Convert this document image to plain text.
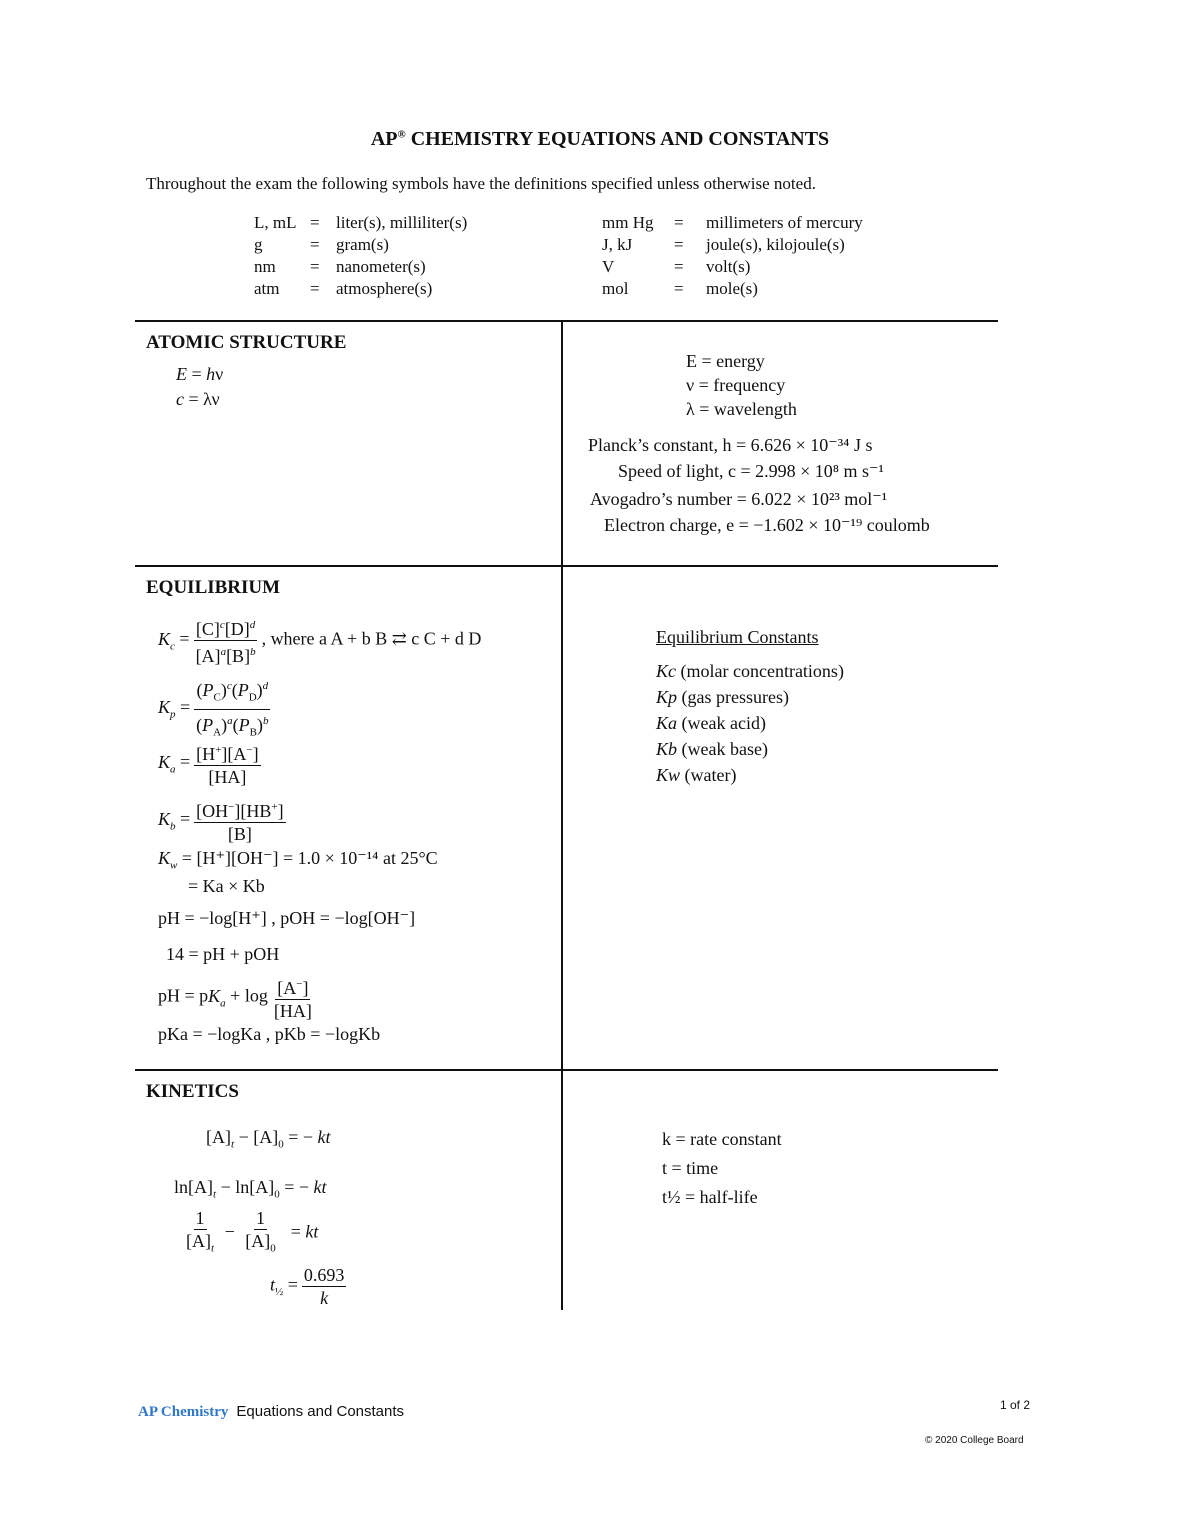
AP® CHEMISTRY EQUATIONS AND CONSTANTS
Throughout the exam the following symbols have the definitions specified unless otherwise noted.
L, mL = liter(s), milliliter(s)
g	= gram(s)
nm = nanometer(s)
atm = atmosphere(s)
mm Hg = millimeters of mercury
J, kJ = joule(s), kilojoule(s)
V	= volt(s)
mol	= mole(s)
ATOMIC STRUCTURE
E = hν
c = λν
E = energy
ν = frequency
λ = wavelength
Planck’s constant, h = 6.626 × 10⁻³⁴ J s
Speed of light, c = 2.998 × 10⁸ m s⁻¹
Avogadro’s number = 6.022 × 10²³ mol⁻¹
Electron charge, e = −1.602 × 10⁻¹⁹ coulomb
EQUILIBRIUM
$K_c = \frac{[C]^c[D]^d}{[A]^a[B]^b}$ , where a A + b B ⇄ c C + d D
$K_p = \frac{(P_C)^c(P_D)^d}{(P_A)^a(P_B)^b}$
$K_a = \frac{[H^+][A^-]}{[HA]}$
$K_b = \frac{[OH^-][HB^+]}{[B]}$
$K_w = [H^+][OH^-] = 1.0 \times 10^{-14}$ at 25°C
= Ka × Kb
pH = −log[H⁺] , pOH = −log[OH⁻]
14 = pH + pOH
pH = $pK_a + \log \frac{[A^-]}{[HA]}$
pKa = −logKa , pKb = −logKb
Equilibrium Constants
Kc (molar concentrations)
Kp (gas pressures)
Ka (weak acid)
Kb (weak base)
Kw (water)
KINETICS
$[A]_t - [A]_0$ = − kt
$\ln[A]_t - \ln[A]_0$ = − kt
$\frac{1}{[A]_t} - \frac{1}{[A]_0}$ = kt
$t_{\frac{1}{2}} = \frac{0.693}{k}$
k = rate constant
t = time
t½ = half-life
AP Chemistry Equations and Constants	1 of 2
© 2020 College Board
